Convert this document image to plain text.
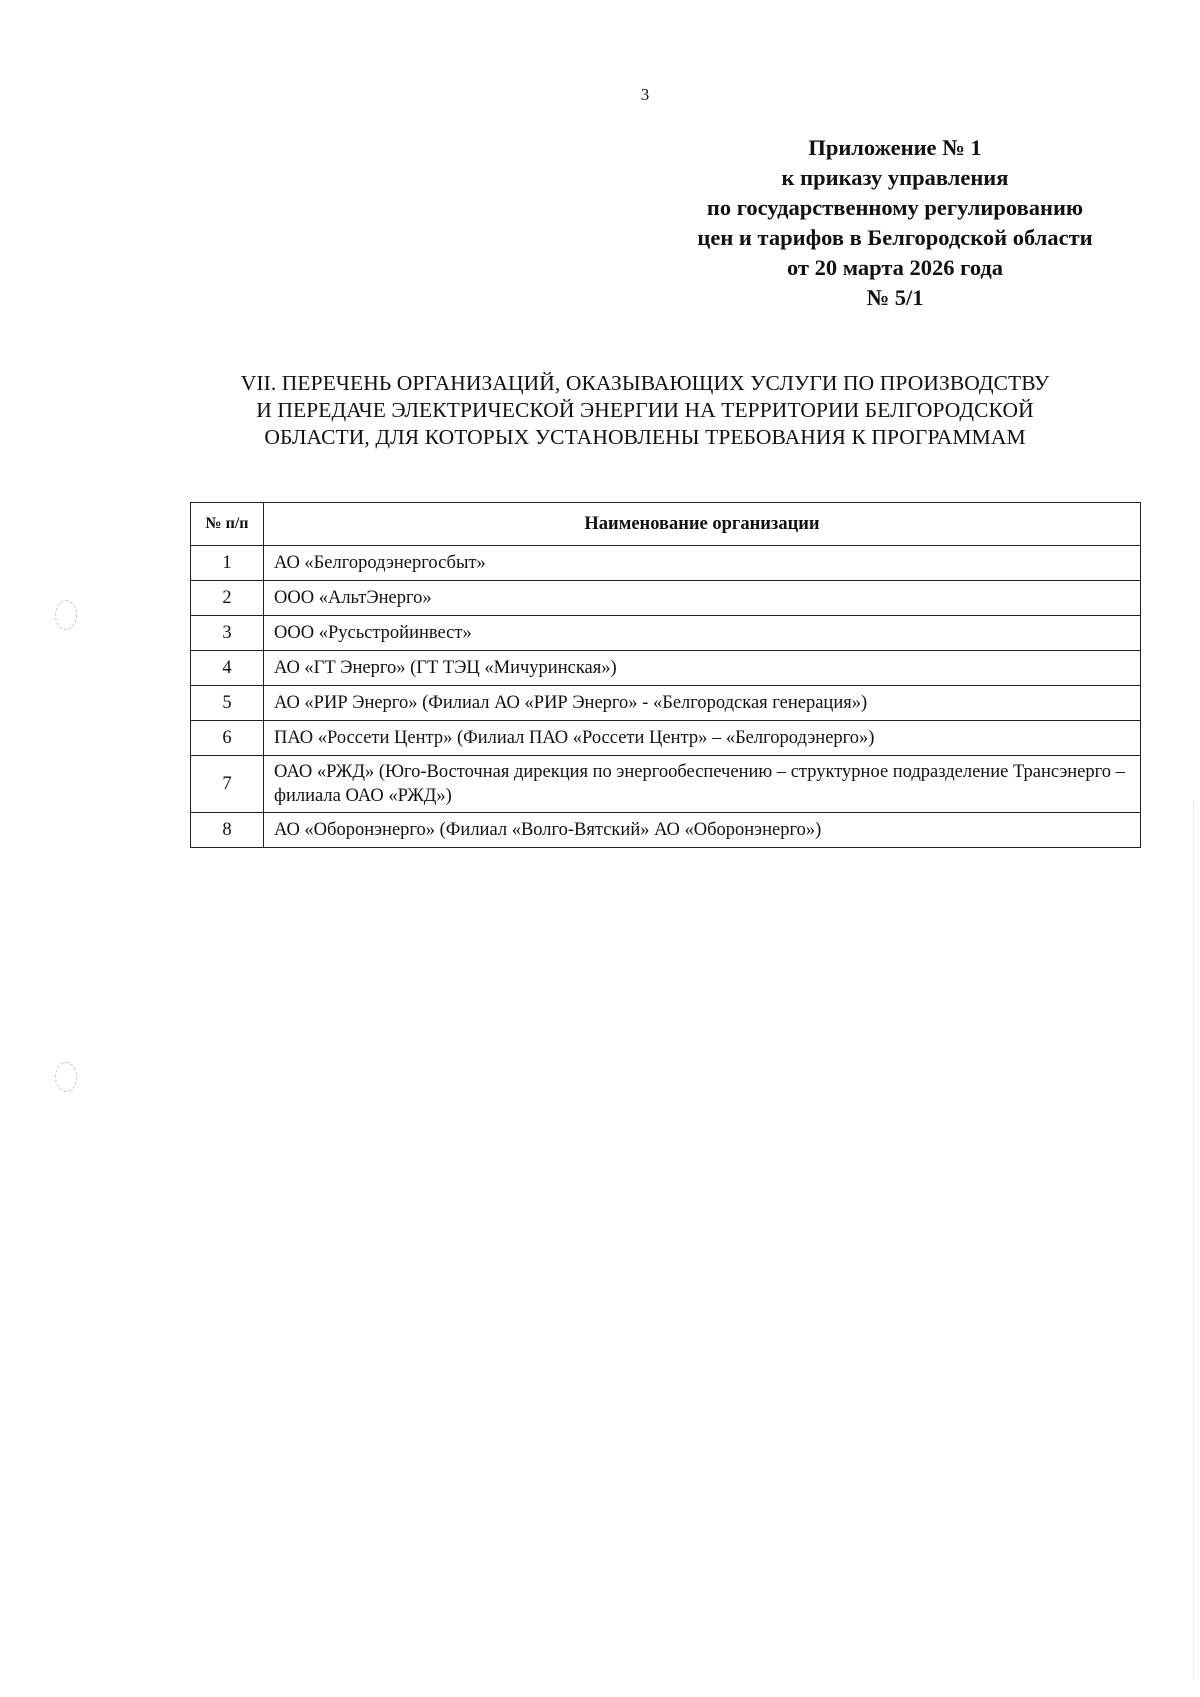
3
Приложение № 1
к приказу управления
по государственному регулированию
цен и тарифов в Белгородской области
от 20 марта 2026 года
№ 5/1
VII. ПЕРЕЧЕНЬ ОРГАНИЗАЦИЙ, ОКАЗЫВАЮЩИХ УСЛУГИ ПО ПРОИЗВОДСТВУ
И ПЕРЕДАЧЕ ЭЛЕКТРИЧЕСКОЙ ЭНЕРГИИ НА ТЕРРИТОРИИ БЕЛГОРОДСКОЙ
ОБЛАСТИ, ДЛЯ КОТОРЫХ УСТАНОВЛЕНЫ ТРЕБОВАНИЯ К ПРОГРАММАМ
№ п/п	Наименование организации
1	АО «Белгородэнергосбыт»
2	ООО «АльтЭнерго»
3	ООО «Русьстройинвест»
4	АО «ГТ Энерго» (ГТ ТЭЦ «Мичуринская»)
5	АО «РИР Энерго» (Филиал АО «РИР Энерго» - «Белгородская генерация»)
6	ПАО «Россети Центр» (Филиал ПАО «Россети Центр» – «Белгородэнерго»)
7	ОАО «РЖД» (Юго-Восточная дирекция по энергообеспечению – структурное подразделение Трансэнерго – филиала ОАО «РЖД»)
8	АО «Оборонэнерго» (Филиал «Волго-Вятский» АО «Оборонэнерго»)
